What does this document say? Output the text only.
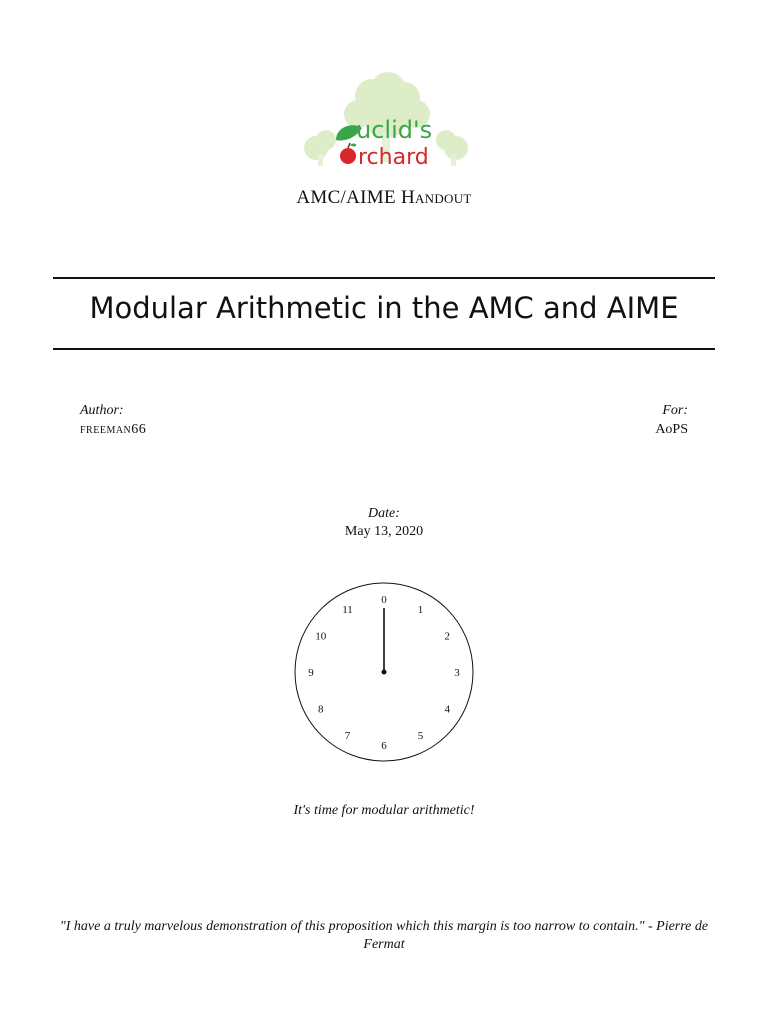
uclid's
rchard
AMC/AIME Handout
Modular Arithmetic in the AMC and AIME
Author:
freeman66
For:
AoPS
Date:
May 13, 2020
0
1
2
3
4
5
6
7
8
9
10
11
It's time for modular arithmetic!
"I have a truly marvelous demonstration of this proposition which this margin is too narrow to contain." - Pierre de Fermat
